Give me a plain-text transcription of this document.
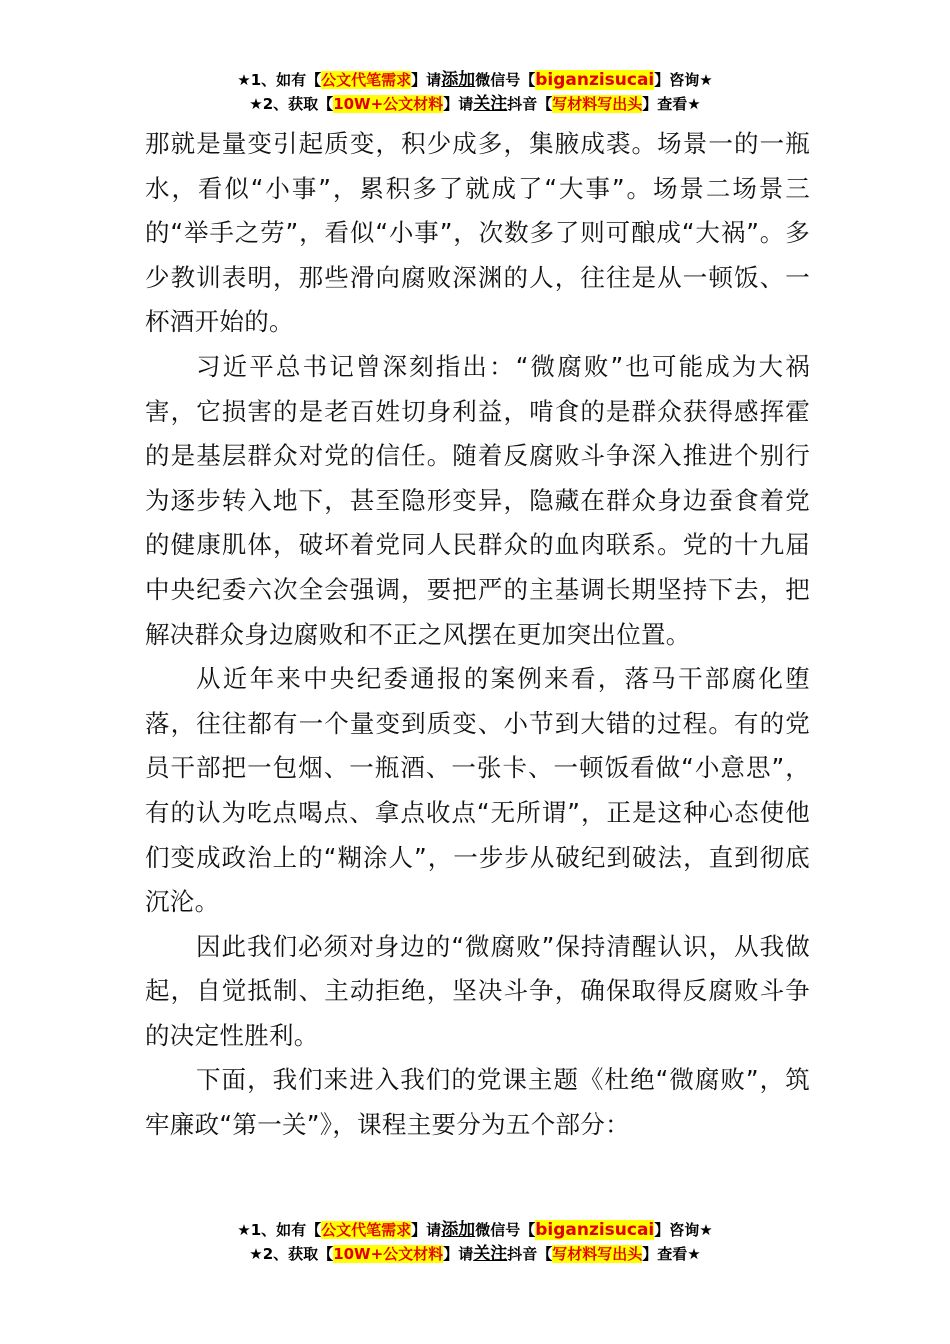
★1、如有【公文代笔需求】请添加微信号【biganzisucai】咨询★
★2、获取【10W+公文材料】请关注抖音【写材料写出头】查看★

那就是量变引起质变，积少成多，集腋成裘。场景一的一瓶水，看似“小事”，累积多了就成了“大事”。场景二场景三的“举手之劳”，看似“小事”，次数多了则可酿成“大祸”。多少教训表明，那些滑向腐败深渊的人，往往是从一顿饭、一杯酒开始的。

习近平总书记曾深刻指出：“微腐败”也可能成为大祸害，它损害的是老百姓切身利益，啃食的是群众获得感挥霍的是基层群众对党的信任。随着反腐败斗争深入推进个别行为逐步转入地下，甚至隐形变异，隐藏在群众身边蚕食着党的健康肌体，破坏着党同人民群众的血肉联系。党的十九届中央纪委六次全会强调，要把严的主基调长期坚持下去，把解决群众身边腐败和不正之风摆在更加突出位置。

从近年来中央纪委通报的案例来看，落马干部腐化堕落，往往都有一个量变到质变、小节到大错的过程。有的党员干部把一包烟、一瓶酒、一张卡、一顿饭看做“小意思”，有的认为吃点喝点、拿点收点“无所谓”，正是这种心态使他们变成政治上的“糊涂人”，一步步从破纪到破法，直到彻底沉沦。

因此我们必须对身边的“微腐败”保持清醒认识，从我做起，自觉抵制、主动拒绝，坚决斗争，确保取得反腐败斗争的决定性胜利。

下面，我们来进入我们的党课主题《杜绝“微腐败”，筑牢廉政“第一关”》，课程主要分为五个部分：

★1、如有【公文代笔需求】请添加微信号【biganzisucai】咨询★
★2、获取【10W+公文材料】请关注抖音【写材料写出头】查看★
